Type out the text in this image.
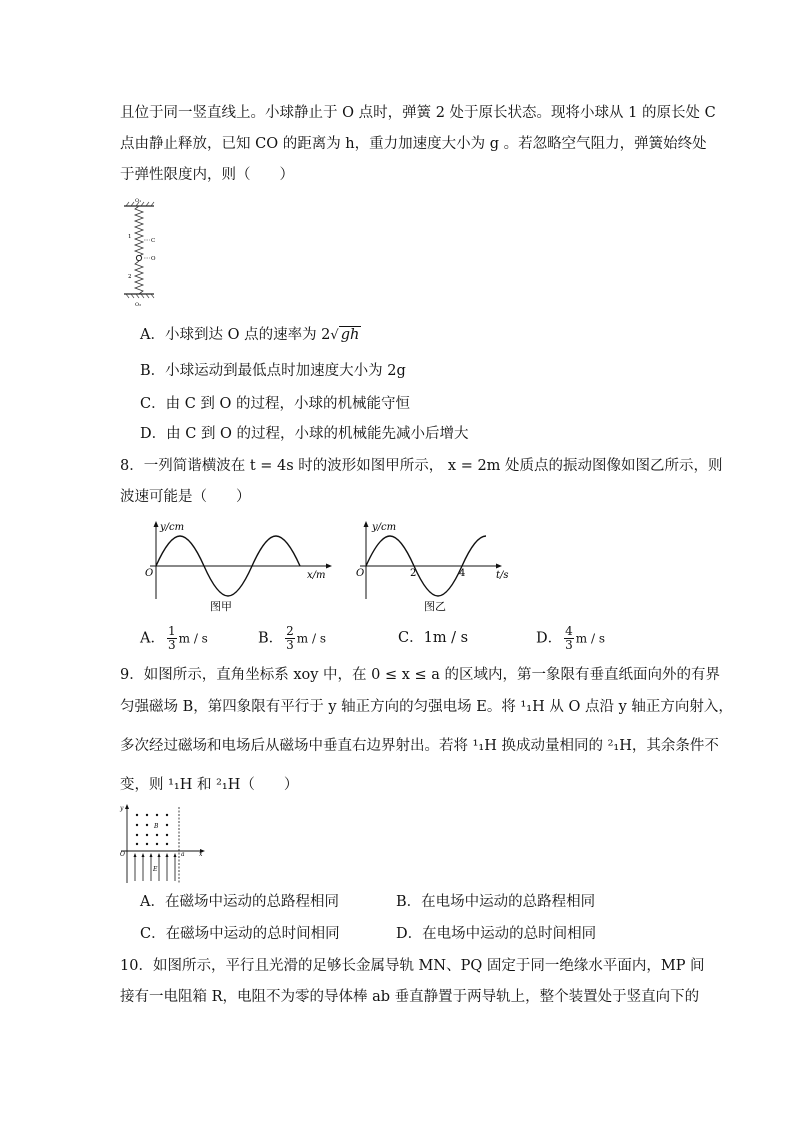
且位于同一竖直线上。小球静止于 O 点时，弹簧 2 处于原长状态。现将小球从 1 的原长处 C
点由静止释放，已知 CO 的距离为 h，重力加速度大小为 g 。若忽略空气阻力，弹簧始终处
于弹性限度内，则（　　）
O₁
1
C
O
2
O₂
A．小球到达 O 点的速率为 2√ gh
B．小球运动到最低点时加速度大小为 2g
C．由 C 到 O 的过程，小球的机械能守恒
D．由 C 到 O 的过程，小球的机械能先减小后增大
8．一列简谐横波在 t = 4s 时的波形如图甲所示， x = 2m 处质点的振动图像如图乙所示，则
波速可能是（　　）
y/cm
O	x/m
图甲
y/cm
O	2	4	t/s
图乙
A． $\frac{1}{3}$ m / s	B． $\frac{2}{3}$ m / s	C．1m / s	D． $\frac{4}{3}$ m / s
9．如图所示，直角坐标系 xoy 中，在 0 ≤ x ≤ a 的区域内，第一象限有垂直纸面向外的有界
匀强磁场 B，第四象限有平行于 y 轴正方向的匀强电场 E。将 ¹₁H 从 O 点沿 y 轴正方向射入，
多次经过磁场和电场后从磁场中垂直右边界射出。若将 ¹₁H 换成动量相同的 ²₁H，其余条件不
变，则 ¹₁H 和 ²₁H（　　）
y
B
E
O	a x
A．在磁场中运动的总路程相同	B．在电场中运动的总路程相同
C．在磁场中运动的总时间相同	D．在电场中运动的总时间相同
10．如图所示，平行且光滑的足够长金属导轨 MN、PQ 固定于同一绝缘水平面内，MP 间
接有一电阻箱 R，电阻不为零的导体棒 ab 垂直静置于两导轨上，整个装置处于竖直向下的
